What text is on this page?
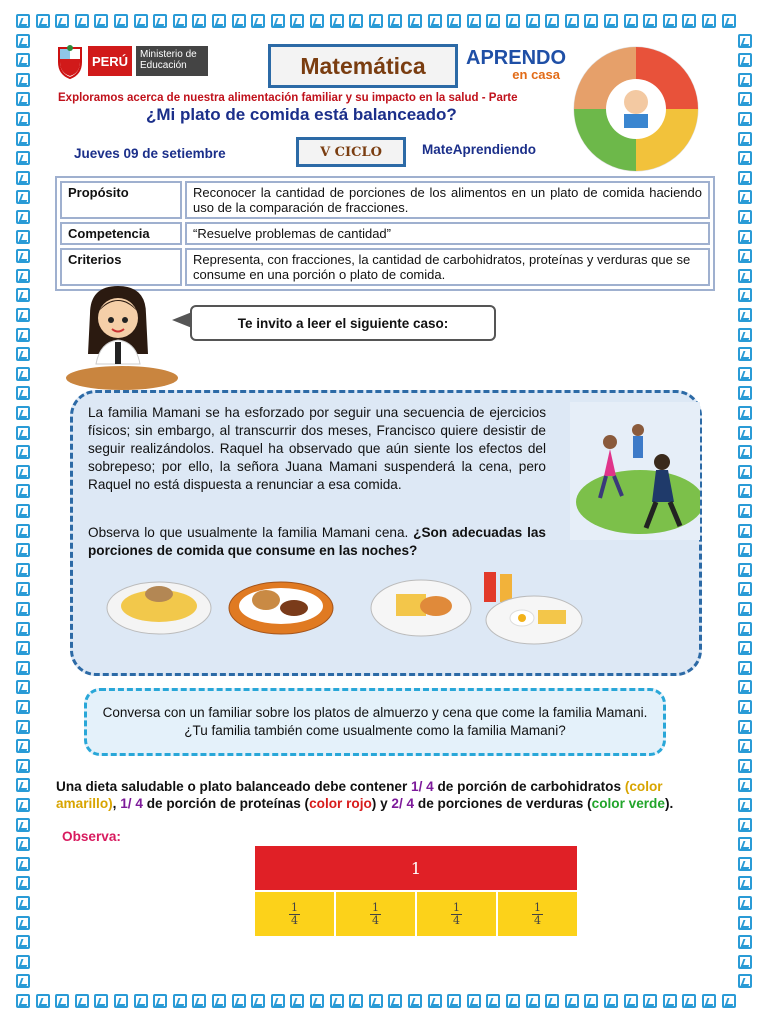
PERÚ	Ministerio de Educación	Matemática	APRENDO
en casa
Exploramos acerca de nuestra alimentación familiar y su impacto en la salud - Parte
¿Mi plato de comida está balanceado?
Jueves 09 de setiembre	V CICLO	MateAprendiendo
Propósito	Reconocer la cantidad de porciones de los alimentos en un plato de comida haciendo uso de la comparación de fracciones.
Competencia	“Resuelve problemas de cantidad”
Criterios	Representa, con fracciones, la cantidad de carbohidratos, proteínas y verduras que se consume en una porción o plato de comida.
Te invito a leer el siguiente caso:
La familia Mamani se ha esforzado por seguir una secuencia de ejercicios físicos; sin embargo, al transcurrir dos meses, Francisco quiere desistir de seguir realizándolos. Raquel ha observado que aún siente los efectos del sobrepeso; por ello, la señora Juana Mamani suspenderá la cena, pero Raquel no está dispuesta a renunciar a esa comida.
Observa lo que usualmente la familia Mamani cena. ¿Son adecuadas las porciones de comida que consume en las noches?
Conversa con un familiar sobre los platos de almuerzo y cena que come la familia Mamani. ¿Tu familia también come usualmente como la familia Mamani?
Una dieta saludable o plato balanceado debe contener 1/ 4 de porción de carbohidratos (color amarillo), 1/ 4 de porción de proteínas (color rojo) y 2/ 4 de porciones de verduras (color verde).
Observa:
1
$\frac{1}{4} \frac{1}{4} \frac{1}{4} \frac{1}{4}$
